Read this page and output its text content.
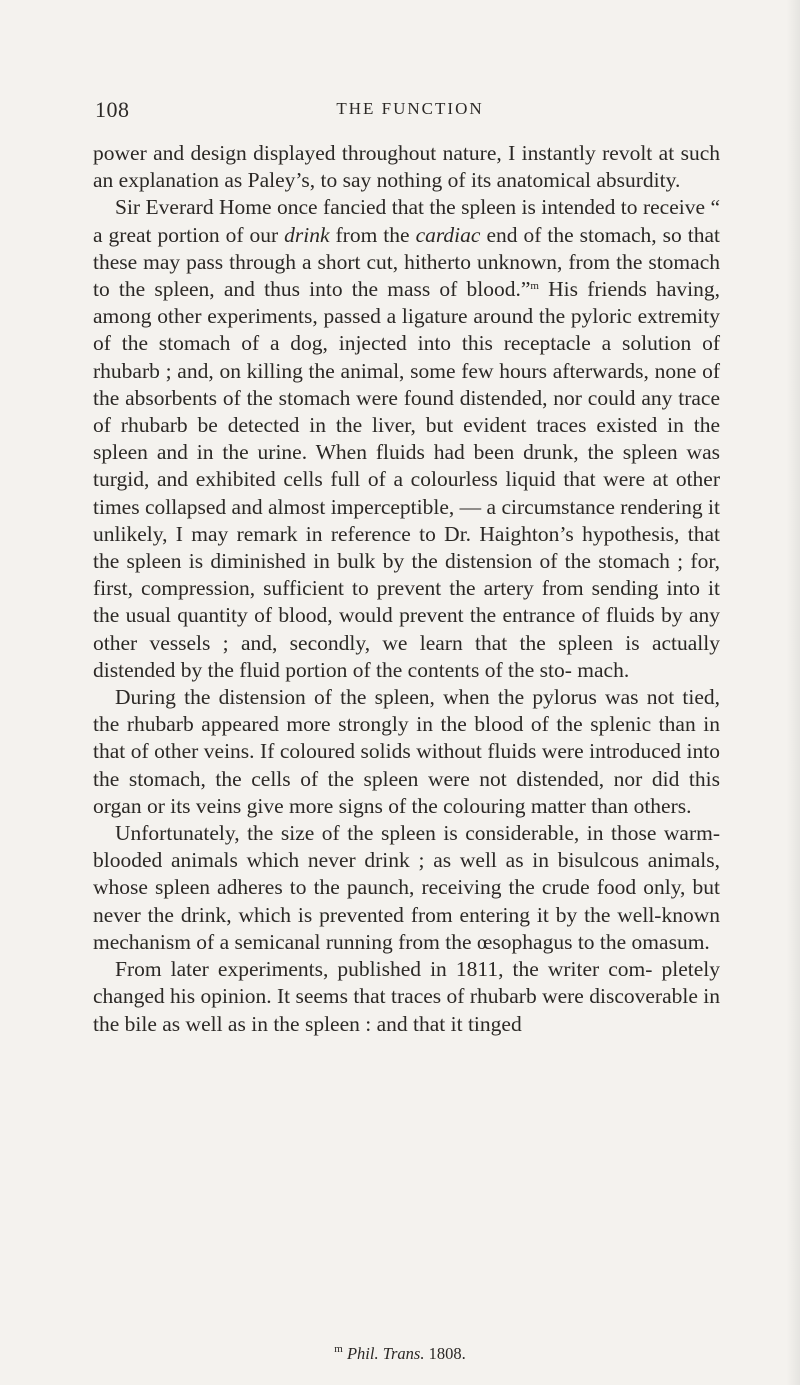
108	THE FUNCTION

power and design displayed throughout nature, I instantly revolt at such an explanation as Paley’s, to say nothing of its anatomical absurdity.

Sir Everard Home once fancied that the spleen is intended to receive “ a great portion of our drink from the cardiac end of the stomach, so that these may pass through a short cut, hitherto unknown, from the stomach to the spleen, and thus into the mass of blood.”$^m$ His friends having, among other experiments, passed a ligature around the pyloric extremity of the stomach of a dog, injected into this receptacle a solution of rhubarb ; and, on killing the animal, some few hours afterwards, none of the absorbents of the stomach were found distended, nor could any trace of rhubarb be detected in the liver, but evident traces existed in the spleen and in the urine. When fluids had been drunk, the spleen was turgid, and exhibited cells full of a colourless liquid that were at other times collapsed and almost imperceptible, — a circumstance rendering it unlikely, I may remark in reference to Dr. Haighton’s hypothesis, that the spleen is diminished in bulk by the distension of the stomach ; for, first, compression, sufficient to prevent the artery from sending into it the usual quantity of blood, would prevent the entrance of fluids by any other vessels ; and, secondly, we learn that the spleen is actually distended by the fluid portion of the contents of the sto- mach.

During the distension of the spleen, when the pylorus was not tied, the rhubarb appeared more strongly in the blood of the splenic than in that of other veins. If coloured solids without fluids were introduced into the stomach, the cells of the spleen were not distended, nor did this organ or its veins give more signs of the colouring matter than others.

Unfortunately, the size of the spleen is considerable, in those warm-blooded animals which never drink ; as well as in bisulcous animals, whose spleen adheres to the paunch, receiving the crude food only, but never the drink, which is prevented from entering it by the well-known mechanism of a semicanal running from the œsophagus to the omasum.

From later experiments, published in 1811, the writer com- pletely changed his opinion. It seems that traces of rhubarb were discoverable in the bile as well as in the spleen : and that it tinged

$^m$ Phil. Trans. 1808.
